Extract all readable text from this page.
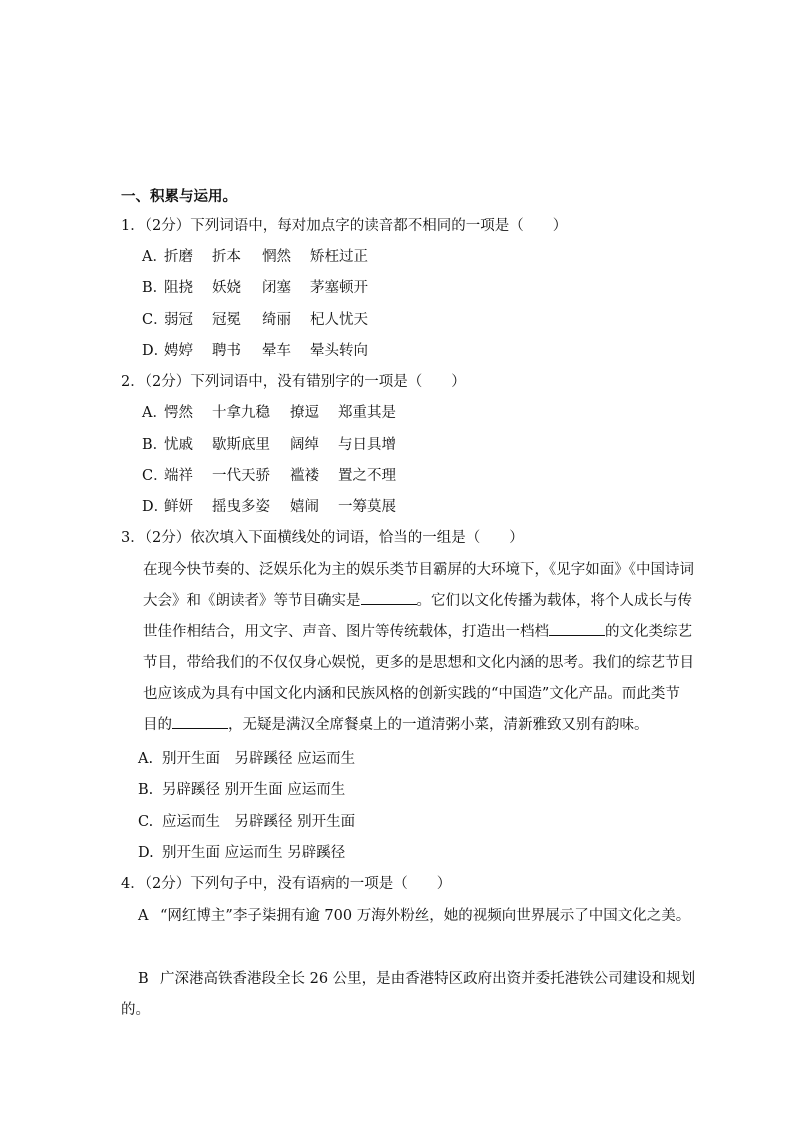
一、积累与运用。
1．（2分）下列词语中，每对加点字的读音都不相同的一项是（　　）
A．折磨 折本 惘然 矫枉过正
B．阻挠 妖娆 闭塞 茅塞顿开
C．弱冠 冠冕 绮丽 杞人忧天
D．娉婷 聘书 晕车 晕头转向
2．（2分）下列词语中，没有错别字的一项是（　　）
A．愕然 十拿九稳 撩逗 郑重其是
B．忧戚 歇斯底里 阔绰 与日具增
C．端祥 一代天骄 褴褛 置之不理
D．鲜妍 摇曳多姿 嬉闹 一筹莫展
3．（2分）依次填入下面横线处的词语，恰当的一组是（　　）

在现今快节奏的、泛娱乐化为主的娱乐类节目霸屏的大环境下，《见字如面》《中国诗词

大会》和《朗读者》等节目确实是	。它们以文化传播为载体，将个人成长与传

世佳作相结合，用文字、声音、图片等传统载体，打造出一档档	的文化类综艺

节目，带给我们的不仅仅身心娱悦，更多的是思想和文化内涵的思考。我们的综艺节目

也应该成为具有中国文化内涵和民族风格的创新实践的“中国造”文化产品。而此类节

目的	，无疑是满汉全席餐桌上的一道清粥小菜，清新雅致又别有韵味。

A. 别开生面　另辟蹊径 应运而生
B. 另辟蹊径 别开生面 应运而生
C. 应运而生　另辟蹊径 别开生面
D. 别开生面 应运而生 另辟蹊径
4．（2分）下列句子中，没有语病的一项是（　　）
A “网红博主”李子柒拥有逾 700 万海外粉丝，她的视频向世界展示了中国文化之美。
B 广深港高铁香港段全长 26 公里，是由香港特区政府出资并委托港铁公司建设和规划
的。
